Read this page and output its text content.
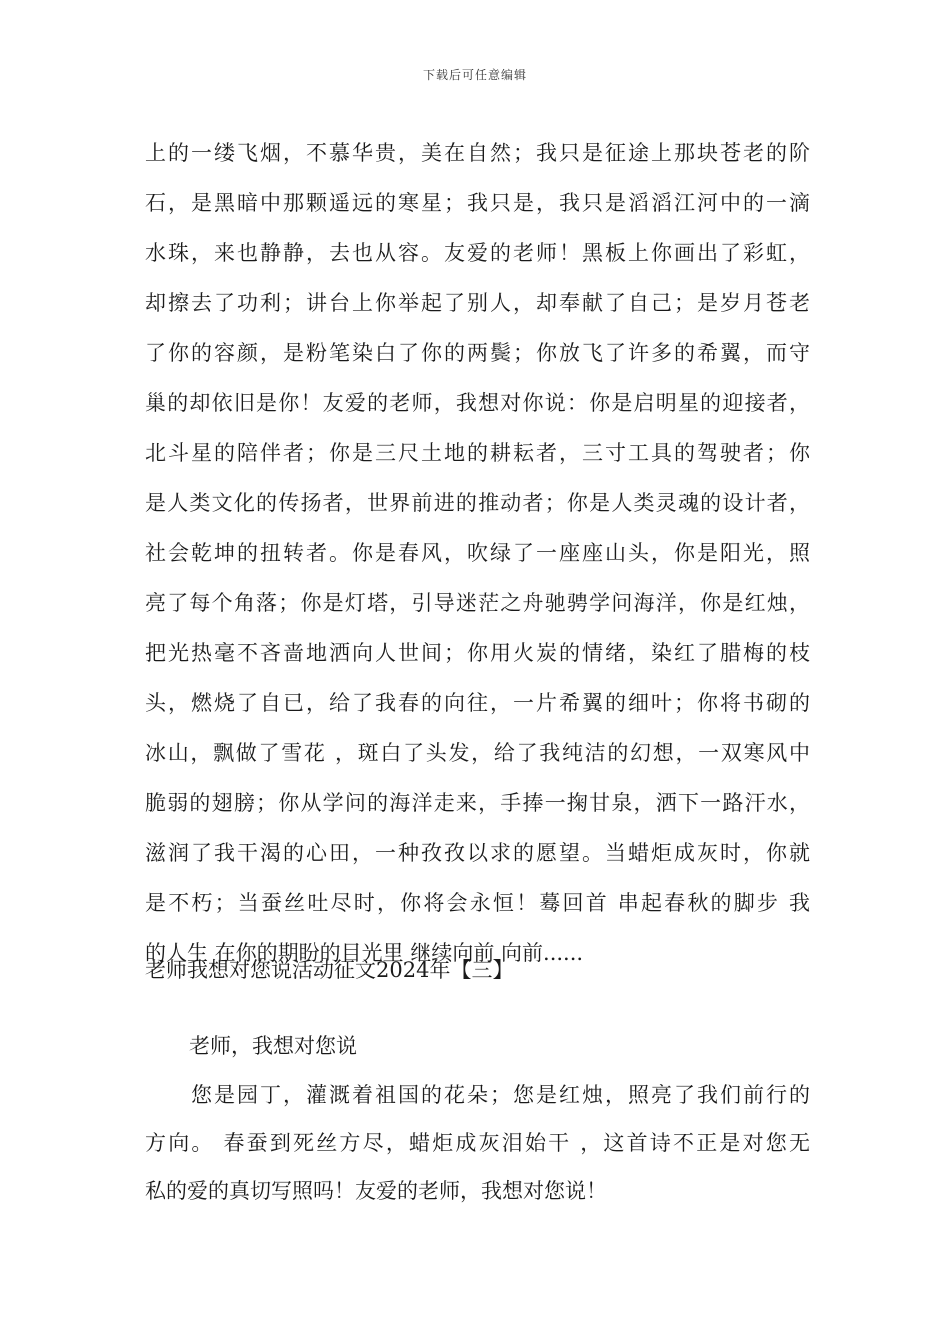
下载后可任意编辑
上的一缕飞烟，不慕华贵，美在自然；我只是征途上那块苍老的阶
石，是黑暗中那颗遥远的寒星；我只是，我只是滔滔江河中的一滴
水珠，来也静静，去也从容。友爱的老师！黑板上你画出了彩虹，
却擦去了功利；讲台上你举起了别人，却奉献了自己；是岁月苍老
了你的容颜，是粉笔染白了你的两鬓；你放飞了许多的希翼，而守
巢的却依旧是你！友爱的老师，我想对你说：你是启明星的迎接者，
北斗星的陪伴者；你是三尺土地的耕耘者，三寸工具的驾驶者；你
是人类文化的传扬者，世界前进的推动者；你是人类灵魂的设计者，
社会乾坤的扭转者。你是春风，吹绿了一座座山头，你是阳光，照
亮了每个角落；你是灯塔，引导迷茫之舟驰骋学问海洋，你是红烛，
把光热毫不吝啬地洒向人世间；你用火炭的情绪，染红了腊梅的枝
头，燃烧了自已，给了我春的向往，一片希翼的细叶；你将书砌的
冰山，飘做了雪花 ，斑白了头发，给了我纯洁的幻想，一双寒风中
脆弱的翅膀；你从学问的海洋走来，手捧一掬甘泉，洒下一路汗水，
滋润了我干渴的心田，一种孜孜以求的愿望。当蜡炬成灰时，你就
是不朽；当蚕丝吐尽时，你将会永恒！蓦回首 串起春秋的脚步 我
的人生 在你的期盼的目光里 继续向前 向前......
老师我想对您说活动征文2024年【三】
老师，我想对您说
您是园丁，灌溉着祖国的花朵；您是红烛，照亮了我们前行的
方向。 春蚕到死丝方尽，蜡炬成灰泪始干 ，这首诗不正是对您无
私的爱的真切写照吗！友爱的老师，我想对您说！
